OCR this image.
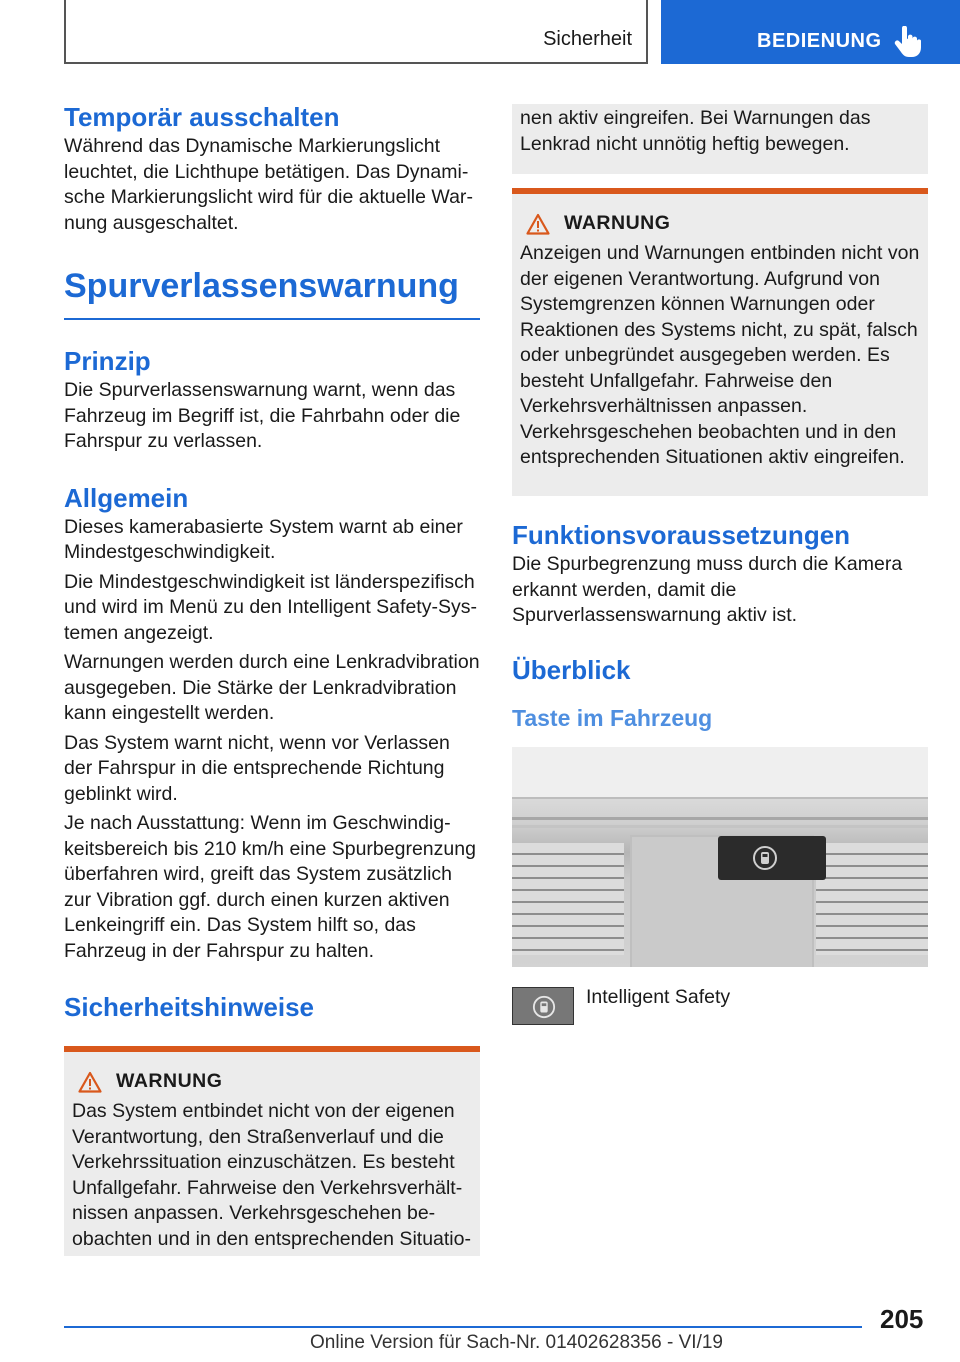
Sicherheit	BEDIENUNG
Temporär ausschalten

Während das Dynamische Markierungslicht leuchtet, die Lichthupe betätigen. Das Dynamische Markierungslicht wird für die aktuelle Warnung ausgeschaltet.

Spurverlassenswarnung
Prinzip

Die Spurverlassenswarnung warnt, wenn das Fahrzeug im Begriff ist, die Fahrbahn oder die Fahrspur zu verlassen.

Allgemein

Dieses kamerabasierte System warnt ab einer Mindestgeschwindigkeit.

Die Mindestgeschwindigkeit ist länderspezifisch und wird im Menü zu den Intelligent Safety-Systemen angezeigt.

Warnungen werden durch eine Lenkradvibration ausgegeben. Die Stärke der Lenkradvibration kann eingestellt werden.

Das System warnt nicht, wenn vor Verlassen der Fahrspur in die entsprechende Richtung geblinkt wird.

Je nach Ausstattung: Wenn im Geschwindigkeitsbereich bis 210 km/h eine Spurbegrenzung überfahren wird, greift das System zusätzlich zur Vibration ggf. durch einen kurzen aktiven Lenkeingriff ein. Das System hilft so, das Fahrzeug in der Fahrspur zu halten.

Sicherheitshinweise
WARNUNG

Das System entbindet nicht von der eigenen Verantwortung, den Straßenverlauf und die Verkehrssituation einzuschätzen. Es besteht Unfallgefahr. Fahrweise den Verkehrsverhältnissen anpassen. Verkehrsgeschehen beobachten und in den entsprechenden Situatio-

nen aktiv eingreifen. Bei Warnungen das Lenkrad nicht unnötig heftig bewegen.

WARNUNG

Anzeigen und Warnungen entbinden nicht von der eigenen Verantwortung. Aufgrund von Systemgrenzen können Warnungen oder Reaktionen des Systems nicht, zu spät, falsch oder unbegründet ausgegeben werden. Es besteht Unfallgefahr. Fahrweise den Verkehrsverhältnissen anpassen. Verkehrsgeschehen beobachten und in den entsprechenden Situationen aktiv eingreifen.

Funktionsvoraussetzungen

Die Spurbegrenzung muss durch die Kamera erkannt werden, damit die Spurverlassenswarnung aktiv ist.

Überblick
Taste im Fahrzeug

Intelligent Safety

205
Online Version für Sach-Nr. 01402628356 - VI/19
